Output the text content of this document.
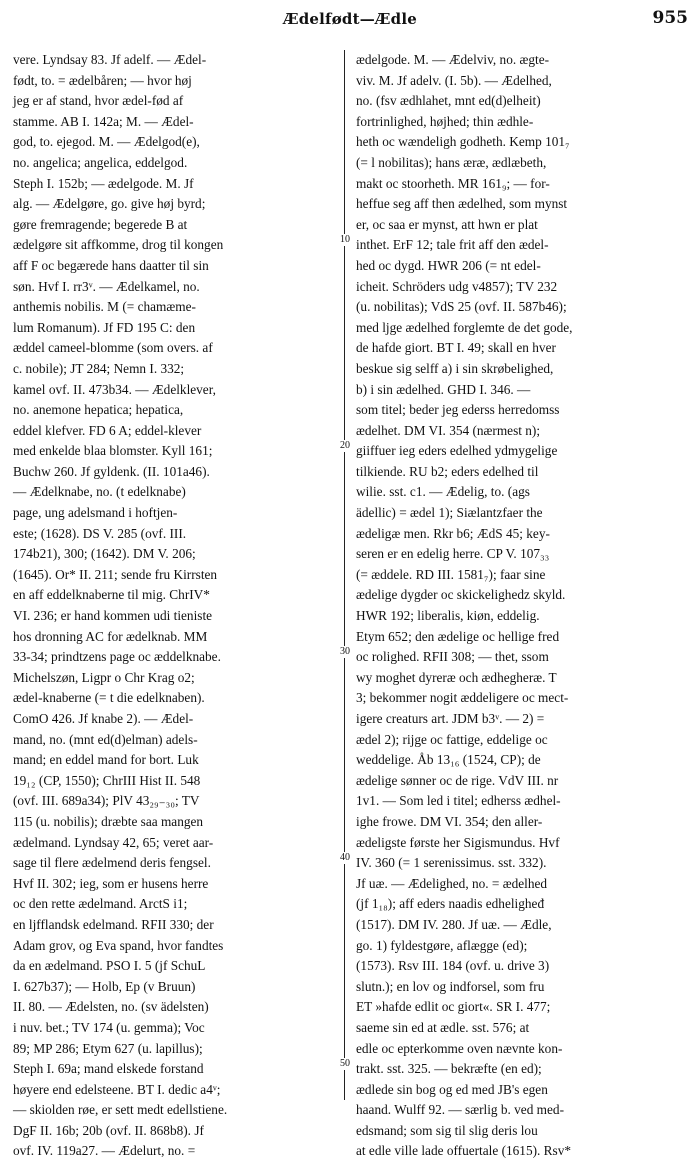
Ædelfødt—Ædle	955
vere. Lyndsay 83. Jf adelf. — Ædel-
født, to. = ædelbåren; — hvor høj
jeg er af stand, hvor ædel-fød af
stamme. AB I. 142a; M. — Ædel-
god, to. ejegod. M. — Ædelgod(e),
no. angelica; angelica, eddelgod.
Steph I. 152b; — ædelgode. M. Jf
alg. — Ædelgøre, go. give høj byrd;
gøre fremragende; begerede B at
ædelgøre sit affkomme, drog til kongen
aff F oc begærede hans daatter til sin
søn. Hvf I. rr3ᵛ. — Ædelkamel, no.
anthemis nobilis. M (= chamæme-
lum Romanum). Jf FD 195 C: den
æddel cameel-blomme (som overs. af
c. nobile); JT 284; Nemn I. 332;
kamel ovf. II. 473b34. — Ædelklever,
no. anemone hepatica; hepatica,
eddel klefver. FD 6 A; eddel-klever
med enkelde blaa blomster. Kyll 161;
Buchw 260. Jf gyldenk. (II. 101a46).
— Ædelknabe, no. (t edelknabe)
page, ung adelsmand i hoftjen-
este; (1628). DS V. 285 (ovf. III.
174b21), 300; (1642). DM V. 206;
(1645). Or* II. 211; sende fru Kirrsten
en aff eddelknaberne til mig. ChrIV*
VI. 236; er hand kommen udi tieniste
hos dronning AC for ædelknab. MM
33-34; prindtzens page oc æddelknabe.
Michelszøn, Ligpr o Chr Krag o2;
ædel-knaberne (= t die edelknaben).
ComO 426. Jf knabe 2). — Ædel-
mand, no. (mnt ed(d)elman) adels-
mand; en eddel mand for bort. Luk
19₁₂ (CP, 1550); ChrIII Hist II. 548
(ovf. III. 689a34); PlV 43₂₉₋₃₀; TV
115 (u. nobilis); dræbte saa mangen
ædelmand. Lyndsay 42, 65; veret aar-
sage til flere ædelmend deris fengsel.
Hvf II. 302; ieg, som er husens herre
oc den rette ædelmand. ArctS i1;
en ljfflandsk edelmand. RFII 330; der
Adam grov, og Eva spand, hvor fandtes
da en ædelmand. PSO I. 5 (jf SchuL
I. 627b37); — Holb, Ep (v Bruun)
II. 80. — Ædelsten, no. (sv ädelsten)
i nuv. bet.; TV 174 (u. gemma); Voc
89; MP 286; Etym 627 (u. lapillus);
Steph I. 69a; mand elskede forstand
høyere end edelsteene. BT I. dedic a4ᵛ;
— skiolden røe, er sett medt edellstiene.
DgF II. 16b; 20b (ovf. II. 868b8). Jf
ovf. IV. 119a27. — Ædelurt, no. =
ædelgode. M. — Ædelviv, no. ægte-
viv. M. Jf adelv. (I. 5b). — Ædelhed,
no. (fsv ædhlahet, mnt ed(d)elheit)
fortrinlighed, højhed; thin ædhle-
heth oc wændeligh godheth. Kemp 101₇
(= l nobilitas); hans æræ, ædlæbeth,
makt oc stoorheth. MR 161₉; — for-
heffue seg aff then ædelhed, som mynst
er, oc saa er mynst, att hwn er plat
inthet. ErF 12; tale frit aff den ædel-
hed oc dygd. HWR 206 (= nt edel-
icheit. Schröders udg v4857); TV 232
(u. nobilitas); VdS 25 (ovf. II. 587b46);
med ljge ædelhed forglemte de det gode,
de hafde giort. BT I. 49; skall en hver
beskue sig selff a) i sin skrøbelighed,
b) i sin ædelhed. GHD I. 346. —
som titel; beder jeg ederss herredomss
ædelhet. DM VI. 354 (nærmest n);
giiffuer ieg eders edelhed ydmygelige
tilkiende. RU b2; eders edelhed til
wilie. sst. c1. — Ædelig, to. (ags
ädellic) = ædel 1); Siælantzfaer the
ædeligæ men. Rkr b6; ÆdS 45; key-
seren er en edelig herre. CP V. 107₃₃
(= æddele. RD III. 1581₇); faar sine
ædelige dygder oc skickelighedz skyld.
HWR 192; liberalis, kiøn, eddelig.
Etym 652; den ædelige oc hellige fred
oc rolighed. RFII 308; — thet, ssom
wy moghet dyreræ och ædhegheræ. T
3; bekommer nogit æddeligere oc mect-
igere creaturs art. JDM b3ᵛ. — 2) =
ædel 2); rijge oc fattige, eddelige oc
weddelige. Åb 13₁₆ (1524, CP); de
ædelige sønner oc de rige. VdV III. nr
1v1. — Som led i titel; edherss ædhel-
ighe frowe. DM VI. 354; den aller-
ædeligste første her Sigismundus. Hvf
IV. 360 (= 1 serenissimus. sst. 332).
Jf uæ. — Ædelighed, no. = ædelhed
(jf 1₁₈); aff eders naadis edheligheđ
(1517). DM IV. 280. Jf uæ. — Ædle,
go. 1) fyldestgøre, aflægge (ed);
(1573). Rsv III. 184 (ovf. u. drive 3)
slutn.); en lov og indforsel, som fru
ET »hafde edlit oc giort«. SR I. 477;
saeme sin ed at ædle. sst. 576; at
edle oc epterkomme oven nævnte kon-
trakt. sst. 325. — bekræfte (en ed);
ædlede sin bog og ed med JB's egen
haand. Wulff 92. — særlig b. ved med-
edsmand; som sig til slig deris lou
at edle ville lade offuertale (1615). Rsv*
10
20
30
40
50
